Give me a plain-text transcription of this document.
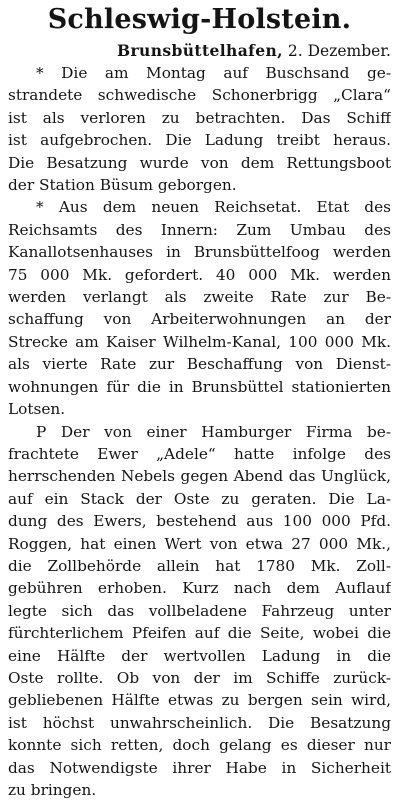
Schleswig-Holstein.
Brunsbüttelhafen, 2. Dezember.
* Die am Montag auf Buschsand ge-
strandete schwedische Schonerbrigg „Clara“
ist als verloren zu betrachten. Das Schiff
ist aufgebrochen. Die Ladung treibt heraus.
Die Besatzung wurde von dem Rettungsboot
der Station Büsum geborgen.
* Aus dem neuen Reichsetat. Etat des
Reichsamts des Innern: Zum Umbau des
Kanallotsenhauses in Brunsbüttelfoog werden
75 000 Mk. gefordert. 40 000 Mk. werden
werden verlangt als zweite Rate zur Be-
schaffung von Arbeiterwohnungen an der
Strecke am Kaiser Wilhelm-Kanal, 100 000 Mk.
als vierte Rate zur Beschaffung von Dienst-
wohnungen für die in Brunsbüttel stationierten
Lotsen.
P Der von einer Hamburger Firma be-
frachtete Ewer „Adele“ hatte infolge des
herrschenden Nebels gegen Abend das Unglück,
auf ein Stack der Oste zu geraten. Die La-
dung des Ewers, bestehend aus 100 000 Pfd.
Roggen, hat einen Wert von etwa 27 000 Mk.,
die Zollbehörde allein hat 1780 Mk. Zoll-
gebühren erhoben. Kurz nach dem Auflauf
legte sich das vollbeladene Fahrzeug unter
fürchterlichem Pfeifen auf die Seite, wobei die
eine Hälfte der wertvollen Ladung in die
Oste rollte. Ob von der im Schiffe zurück-
gebliebenen Hälfte etwas zu bergen sein wird,
ist höchst unwahrscheinlich. Die Besatzung
konnte sich retten, doch gelang es dieser nur
das Notwendigste ihrer Habe in Sicherheit
zu bringen.
